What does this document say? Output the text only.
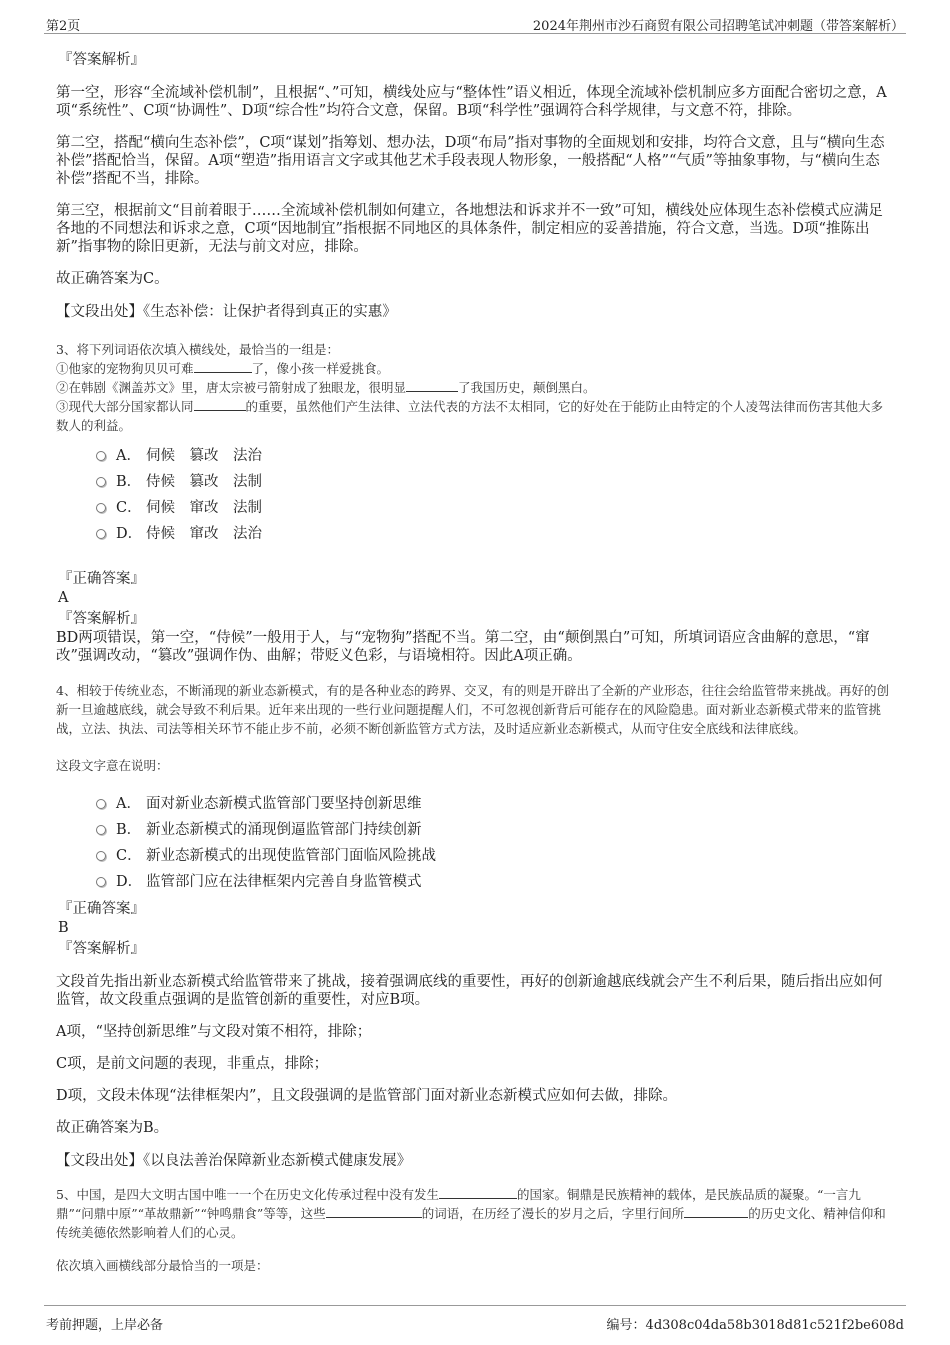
第2页	2024年荆州市沙石商贸有限公司招聘笔试冲刺题（带答案解析）
『答案解析』
第一空，形容“全流域补偿机制”，且根据“、”可知，横线处应与“整体性”语义相近，体现全流域补偿机制应多方面配合密切之意，A项“系统性”、C项“协调性”、D项“综合性”均符合文意，保留。B项“科学性”强调符合科学规律，与文意不符，排除。
第二空，搭配“横向生态补偿”，C项“谋划”指筹划、想办法，D项“布局”指对事物的全面规划和安排，均符合文意，且与“横向生态补偿”搭配恰当，保留。A项“塑造”指用语言文字或其他艺术手段表现人物形象，一般搭配“人格”“气质”等抽象事物，与“横向生态补偿”搭配不当，排除。
第三空，根据前文“目前着眼于……全流域补偿机制如何建立，各地想法和诉求并不一致”可知，横线处应体现生态补偿模式应满足各地的不同想法和诉求之意，C项“因地制宜”指根据不同地区的具体条件，制定相应的妥善措施，符合文意，当选。D项“推陈出新”指事物的除旧更新，无法与前文对应，排除。
故正确答案为C。
【文段出处】《生态补偿：让保护者得到真正的实惠》
3、将下列词语依次填入横线处，最恰当的一组是：
①他家的宠物狗贝贝可难	了，像小孩一样爱挑食。
②在韩剧《渊盖苏文》里，唐太宗被弓箭射成了独眼龙，很明显	了我国历史，颠倒黑白。
③现代大部分国家都认同	的重要，虽然他们产生法律、立法代表的方法不太相同，它的好处在于能防止由特定的个人凌驾法律而伤害其他大多数人的利益。
A． 伺候　篡改　法治
B． 侍候　篡改　法制
C． 伺候　窜改　法制
D． 侍候　窜改　法治
『正确答案』
A
『答案解析』
BD两项错误，第一空，“侍候”一般用于人，与“宠物狗”搭配不当。第二空，由“颠倒黑白”可知，所填词语应含曲解的意思，“窜改”强调改动，“篡改”强调作伪、曲解；带贬义色彩，与语境相符。因此A项正确。
4、相较于传统业态，不断涌现的新业态新模式，有的是各种业态的跨界、交叉，有的则是开辟出了全新的产业形态，往往会给监管带来挑战。再好的创新一旦逾越底线，就会导致不利后果。近年来出现的一些行业问题提醒人们，不可忽视创新背后可能存在的风险隐患。面对新业态新模式带来的监管挑战，立法、执法、司法等相关环节不能止步不前，必须不断创新监管方式方法，及时适应新业态新模式，从而守住安全底线和法律底线。
这段文字意在说明：
A． 面对新业态新模式监管部门要坚持创新思维
B． 新业态新模式的涌现倒逼监管部门持续创新
C． 新业态新模式的出现使监管部门面临风险挑战
D． 监管部门应在法律框架内完善自身监管模式
『正确答案』
B
『答案解析』
文段首先指出新业态新模式给监管带来了挑战，接着强调底线的重要性，再好的创新逾越底线就会产生不利后果，随后指出应如何监管，故文段重点强调的是监管创新的重要性，对应B项。
A项，“坚持创新思维”与文段对策不相符，排除；
C项，是前文问题的表现，非重点，排除；
D项，文段未体现“法律框架内”，且文段强调的是监管部门面对新业态新模式应如何去做，排除。
故正确答案为B。
【文段出处】《以良法善治保障新业态新模式健康发展》
5、中国，是四大文明古国中唯一一个在历史文化传承过程中没有发生	的国家。铜鼎是民族精神的载体，是民族品质的凝聚。“一言九鼎”“问鼎中原”“革故鼎新”“钟鸣鼎食”等等，这些	的词语，在历经了漫长的岁月之后，字里行间所	的历史文化、精神信仰和传统美德依然影响着人们的心灵。
依次填入画横线部分最恰当的一项是：
考前押题，上岸必备	编号：4d308c04da58b3018d81c521f2be608d
